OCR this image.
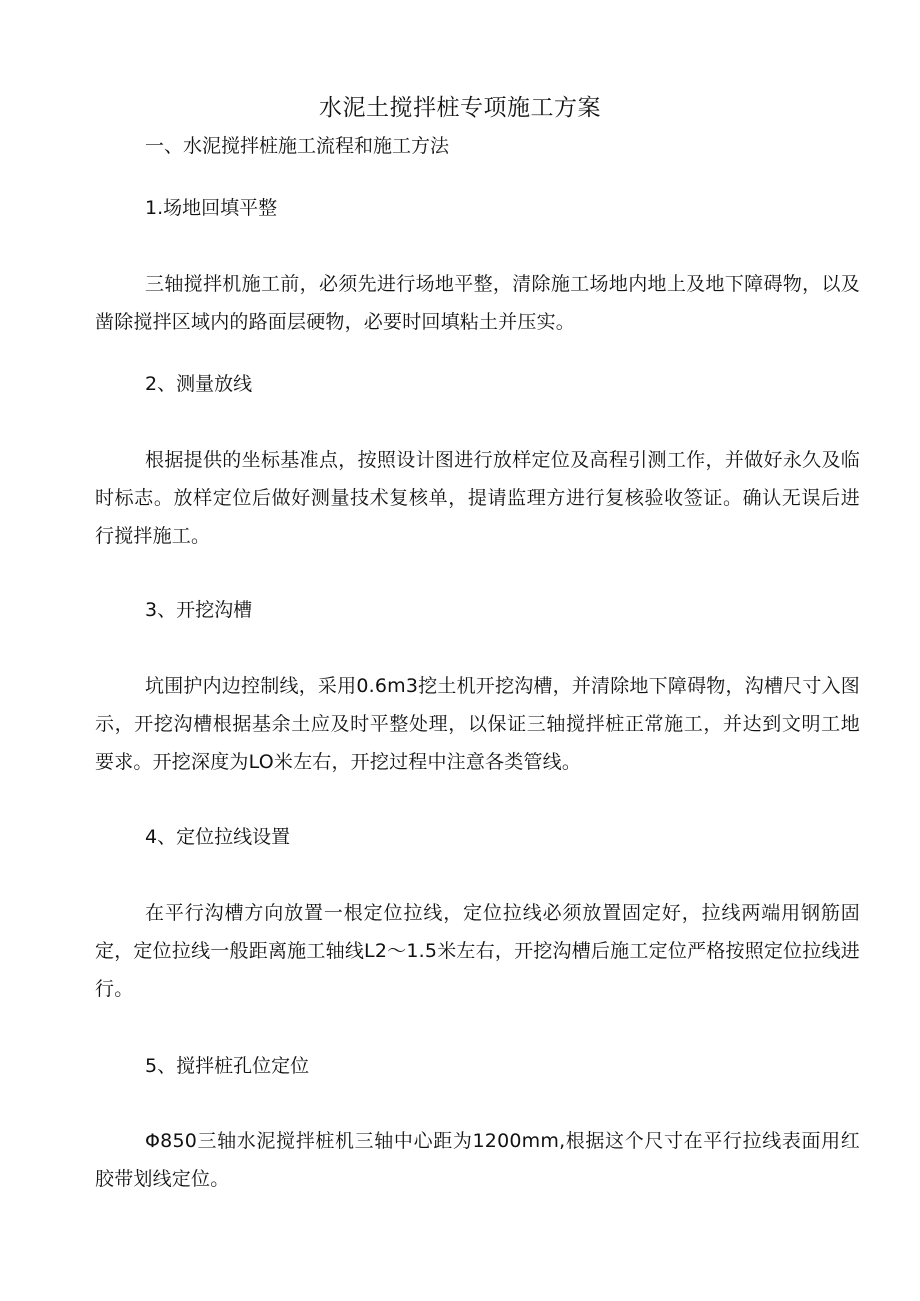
水泥土搅拌桩专项施工方案
一、水泥搅拌桩施工流程和施工方法
1.场地回填平整
三轴搅拌机施工前，必须先进行场地平整，清除施工场地内地上及地下障碍物，以及凿除搅拌区域内的路面层硬物，必要时回填粘土并压实。
2、测量放线
根据提供的坐标基准点，按照设计图进行放样定位及高程引测工作，并做好永久及临时标志。放样定位后做好测量技术复核单，提请监理方进行复核验收签证。确认无误后进行搅拌施工。
3、开挖沟槽
坑围护内边控制线，采用0.6m3挖土机开挖沟槽，并清除地下障碍物，沟槽尺寸入图示，开挖沟槽根据基余土应及时平整处理，以保证三轴搅拌桩正常施工，并达到文明工地要求。开挖深度为LO米左右，开挖过程中注意各类管线。
4、定位拉线设置
在平行沟槽方向放置一根定位拉线，定位拉线必须放置固定好，拉线两端用钢筋固定，定位拉线一般距离施工轴线L2～1.5米左右，开挖沟槽后施工定位严格按照定位拉线进行。
5、搅拌桩孔位定位
Φ850三轴水泥搅拌桩机三轴中心距为1200mm,根据这个尺寸在平行拉线表面用红胶带划线定位。
